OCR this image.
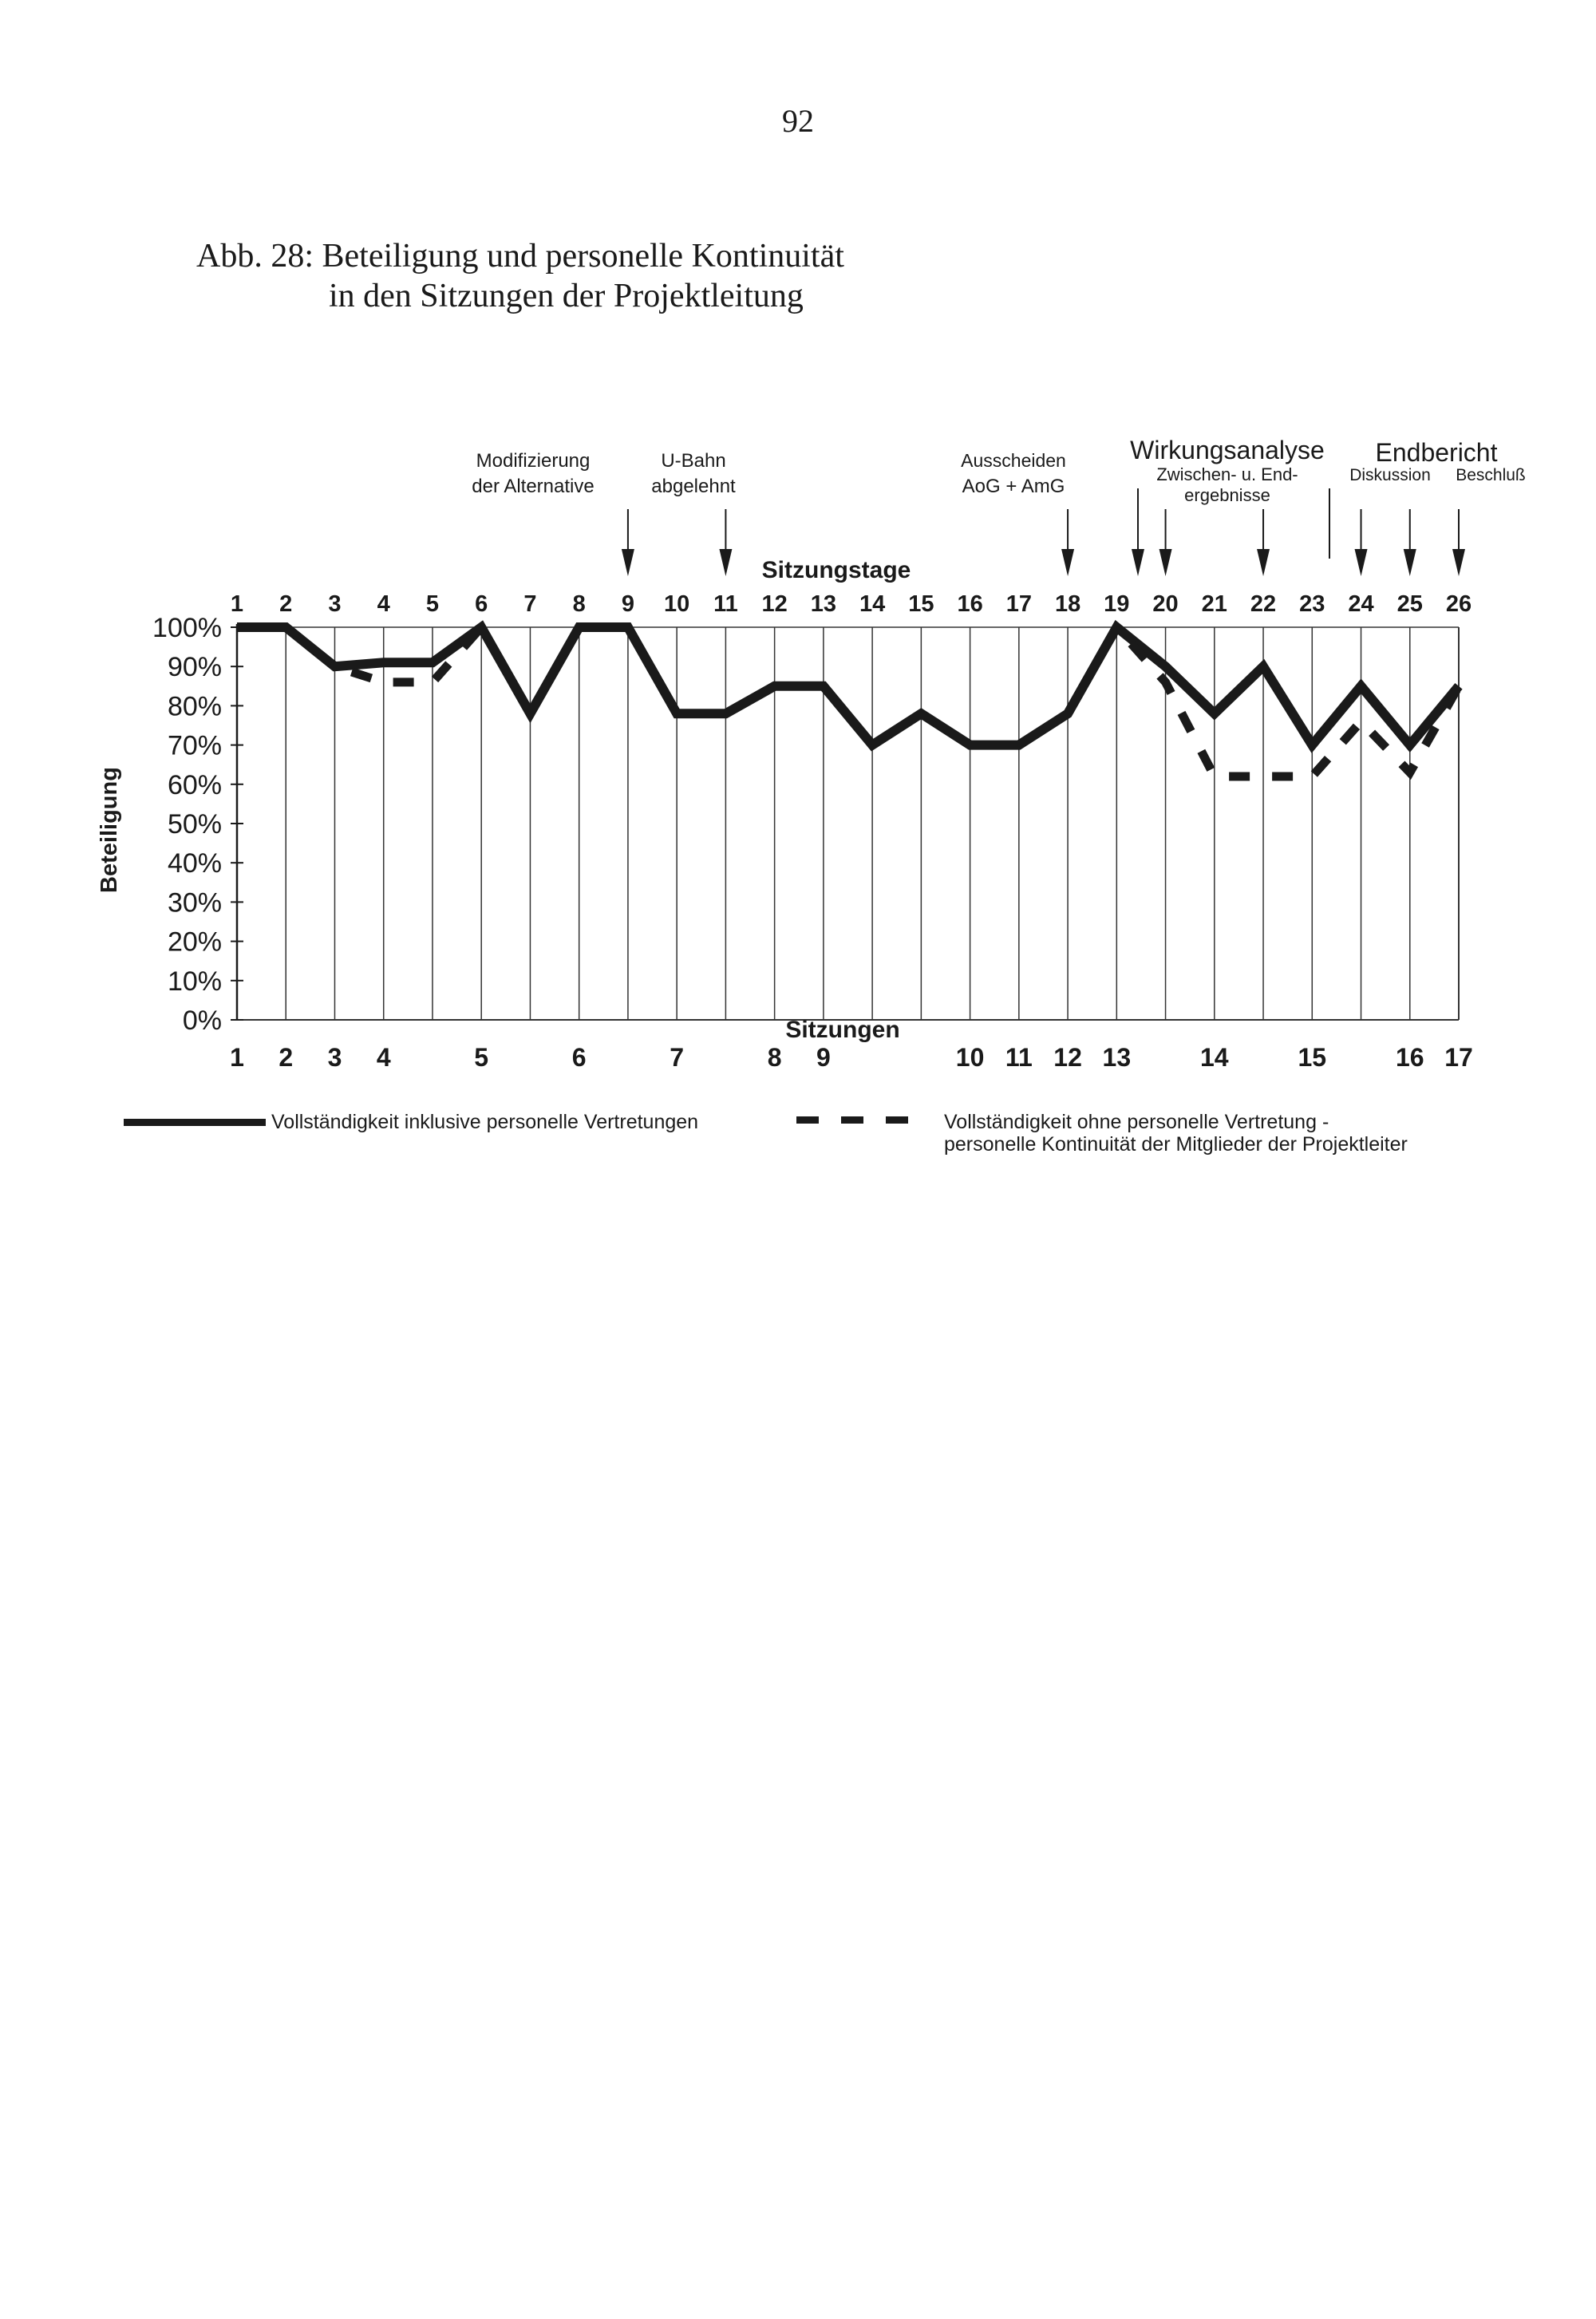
92
Abb. 28: Beteiligung und personelle Kontinuität
in den Sitzungen der Projektleitung
100%
90%
80%
70%
60%
50%
40%
30%
20%
10%
0%
1 2 3 4 5 6 7 8 9 10 11 12 13 14 15 16 17 18 19 20 21 22 23 24 25 26
1 2 3 4	5	6	7	8 9	10 11 12 13	14	15	16 17
Modifizierung
der Alternative
U-Bahn
abgelehnt
Ausscheiden
AoG + AmG
Wirkungsanalyse
Zwischen- u. End-
ergebnisse
Endbericht
Diskussion Beschluß
Beteiligung
Sitzungstage
Sitzungen
Vollständigkeit inklusive personelle Vertretungen	Vollständigkeit ohne personelle Vertretung -
personelle Kontinuität der Mitglieder der Projektleiter
